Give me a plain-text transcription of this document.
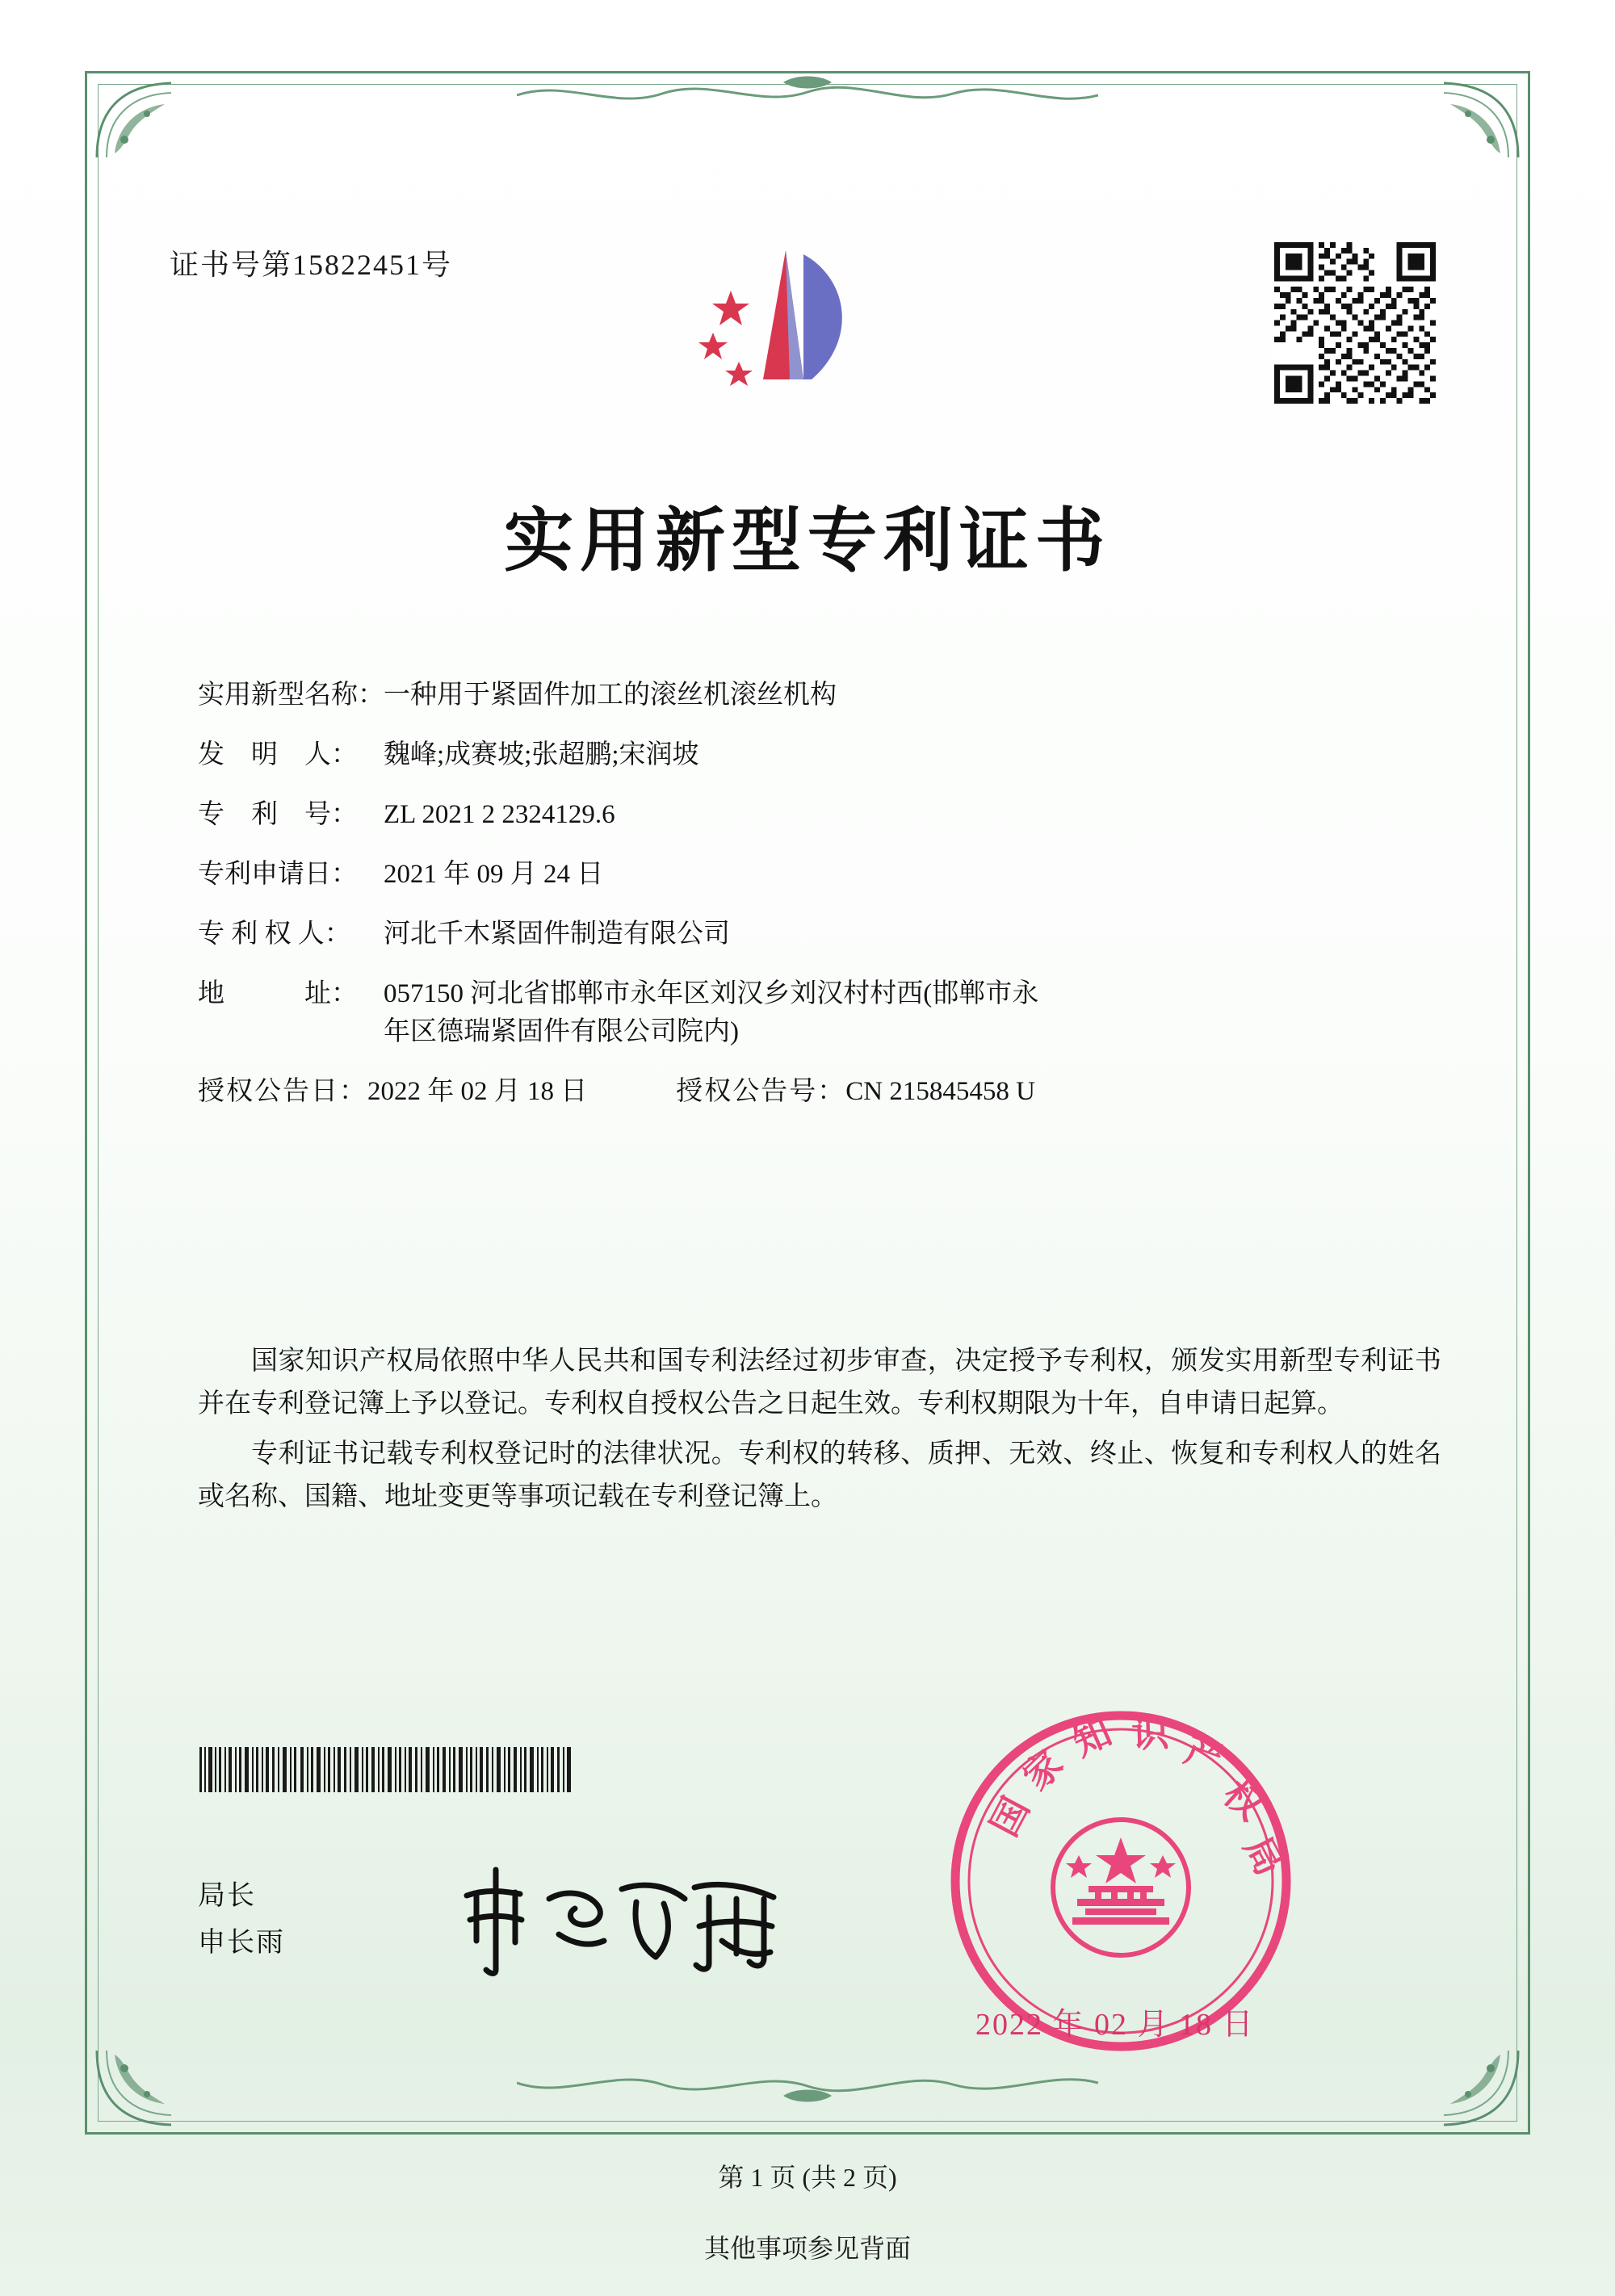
证书号第15822451号
实用新型专利证书
实用新型名称： 一种用于紧固件加工的滚丝机滚丝机构
发　明　人： 魏峰;成赛坡;张超鹏;宋润坡
专　利　号： ZL 2021 2 2324129.6
专利申请日： 2021 年 09 月 24 日
专 利 权 人：	河北千木紧固件制造有限公司
地　　　址： 057150 河北省邯郸市永年区刘汉乡刘汉村村西(邯郸市永
年区德瑞紧固件有限公司院内)
授权公告日： 2022 年 02 月 18 日	授权公告号： CN 215845458 U

国家知识产权局依照中华人民共和国专利法经过初步审查，决定授予专利权，颁发实用新型专利证书并在专利登记簿上予以登记。专利权自授权公告之日起生效。专利权期限为十年，自申请日起算。

专利证书记载专利权登记时的法律状况。专利权的转移、质押、无效、终止、恢复和专利权人的姓名或名称、国籍、地址变更等事项记载在专利登记簿上。

局长
申长雨
国
家
知 识 产
权
局
2022 年 02 月 18 日
第 1 页 (共 2 页)
其他事项参见背面
